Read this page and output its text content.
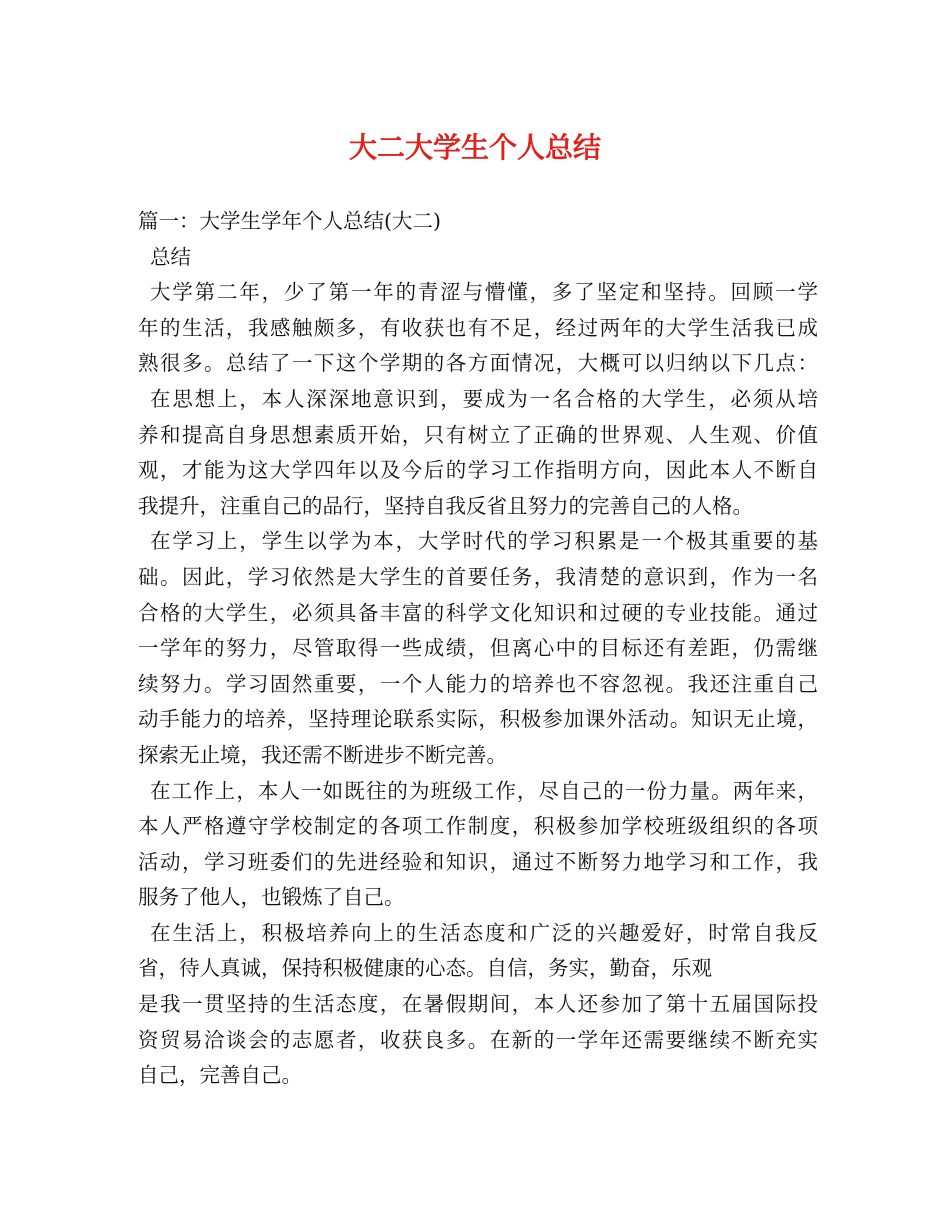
大二大学生个人总结
篇一：大学生学年个人总结(大二)
总结
大学第二年，少了第一年的青涩与懵懂，多了坚定和坚持。回顾一学
年的生活，我感触颇多，有收获也有不足，经过两年的大学生活我已成
熟很多。总结了一下这个学期的各方面情况，大概可以归纳以下几点：
在思想上，本人深深地意识到，要成为一名合格的大学生，必须从培
养和提高自身思想素质开始，只有树立了正确的世界观、人生观、价值
观，才能为这大学四年以及今后的学习工作指明方向，因此本人不断自
我提升，注重自己的品行，坚持自我反省且努力的完善自己的人格。
在学习上，学生以学为本，大学时代的学习积累是一个极其重要的基
础。因此，学习依然是大学生的首要任务，我清楚的意识到，作为一名
合格的大学生，必须具备丰富的科学文化知识和过硬的专业技能。通过
一学年的努力，尽管取得一些成绩，但离心中的目标还有差距，仍需继
续努力。学习固然重要，一个人能力的培养也不容忽视。我还注重自己
动手能力的培养，坚持理论联系实际，积极参加课外活动。知识无止境，
探索无止境，我还需不断进步不断完善。
在工作上，本人一如既往的为班级工作，尽自己的一份力量。两年来，
本人严格遵守学校制定的各项工作制度，积极参加学校班级组织的各项
活动，学习班委们的先进经验和知识，通过不断努力地学习和工作，我
服务了他人，也锻炼了自己。
在生活上，积极培养向上的生活态度和广泛的兴趣爱好，时常自我反
省，待人真诚，保持积极健康的心态。自信，务实，勤奋，乐观
是我一贯坚持的生活态度，在暑假期间，本人还参加了第十五届国际投
资贸易洽谈会的志愿者，收获良多。在新的一学年还需要继续不断充实
自己，完善自己。
